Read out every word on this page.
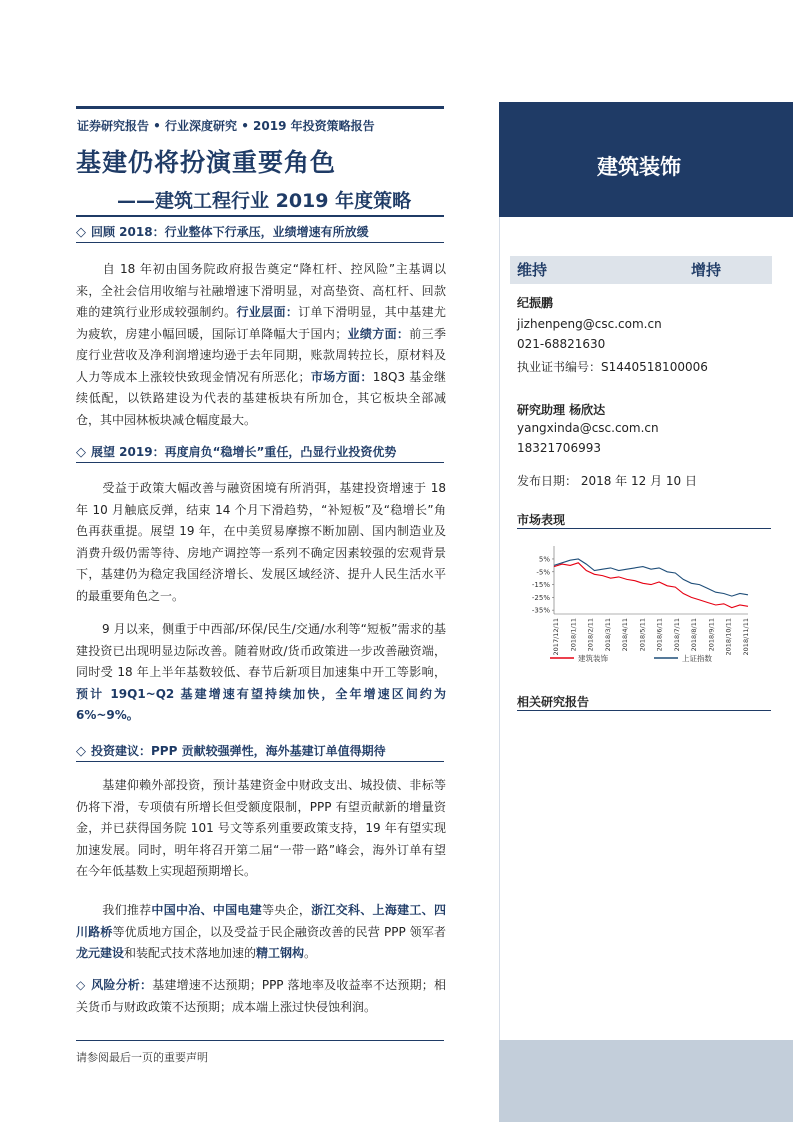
证券研究报告 • 行业深度研究 • 2019 年投资策略报告
基建仍将扮演重要角色
——建筑工程行业 2019 年度策略
◇ 回顾 2018：行业整体下行承压，业绩增速有所放缓
自 18 年初由国务院政府报告奠定“降杠杆、控风险”主基调以来，全社会信用收缩与社融增速下滑明显，对高垫资、高杠杆、回款难的建筑行业形成较强制约。行业层面：订单下滑明显，其中基建尤为疲软，房建小幅回暖，国际订单降幅大于国内；业绩方面：前三季度行业营收及净利润增速均逊于去年同期，账款周转拉长，原材料及人力等成本上涨较快致现金情况有所恶化；市场方面：18Q3 基金继续低配，以铁路建设为代表的基建板块有所加仓，其它板块全部减仓，其中园林板块减仓幅度最大。
◇ 展望 2019：再度肩负“稳增长”重任，凸显行业投资优势
受益于政策大幅改善与融资困境有所消弭，基建投资增速于 18 年 10 月触底反弹，结束 14 个月下滑趋势，“补短板”及“稳增长”角色再获重提。展望 19 年，在中美贸易摩擦不断加剧、国内制造业及消费升级仍需等待、房地产调控等一系列不确定因素较强的宏观背景下，基建仍为稳定我国经济增长、发展区域经济、提升人民生活水平的最重要角色之一。
9 月以来，侧重于中西部/环保/民生/交通/水利等“短板”需求的基建投资已出现明显边际改善。随着财政/货币政策进一步改善融资端，同时受 18 年上半年基数较低、春节后新项目加速集中开工等影响，预计 19Q1~Q2 基建增速有望持续加快，全年增速区间约为 6%~9%。
◇ 投资建议：PPP 贡献较强弹性，海外基建订单值得期待
基建仰赖外部投资，预计基建资金中财政支出、城投债、非标等仍将下滑，专项债有所增长但受额度限制，PPP 有望贡献新的增量资金，并已获得国务院 101 号文等系列重要政策支持，19 年有望实现加速发展。同时，明年将召开第二届“一带一路”峰会，海外订单有望在今年低基数上实现超预期增长。
我们推荐中国中冶、中国电建等央企，浙江交科、上海建工、四川路桥等优质地方国企，以及受益于民企融资改善的民营 PPP 领军者龙元建设和装配式技术落地加速的精工钢构。
◇ 风险分析：基建增速不达预期；PPP 落地率及收益率不达预期；相关货币与财政政策不达预期；成本端上涨过快侵蚀利润。
请参阅最后一页的重要声明
建筑装饰
维持	增持
纪振鹏
jizhenpeng@csc.com.cn
021-68821630
执业证书编号：S1440518100006
研究助理 杨欣达
yangxinda@csc.com.cn
18321706993
发布日期： 2018 年 12 月 10 日
市场表现
5%
-5%
-15%
-25%
-35%
2017/12/11 2018/1/11 2018/2/11 2018/3/11 2018/4/11 2018/5/11 2018/6/11 2018/7/11 2018/8/11 2018/9/11 2018/10/11 2018/11/11
建筑装饰	上证指数
相关研究报告
